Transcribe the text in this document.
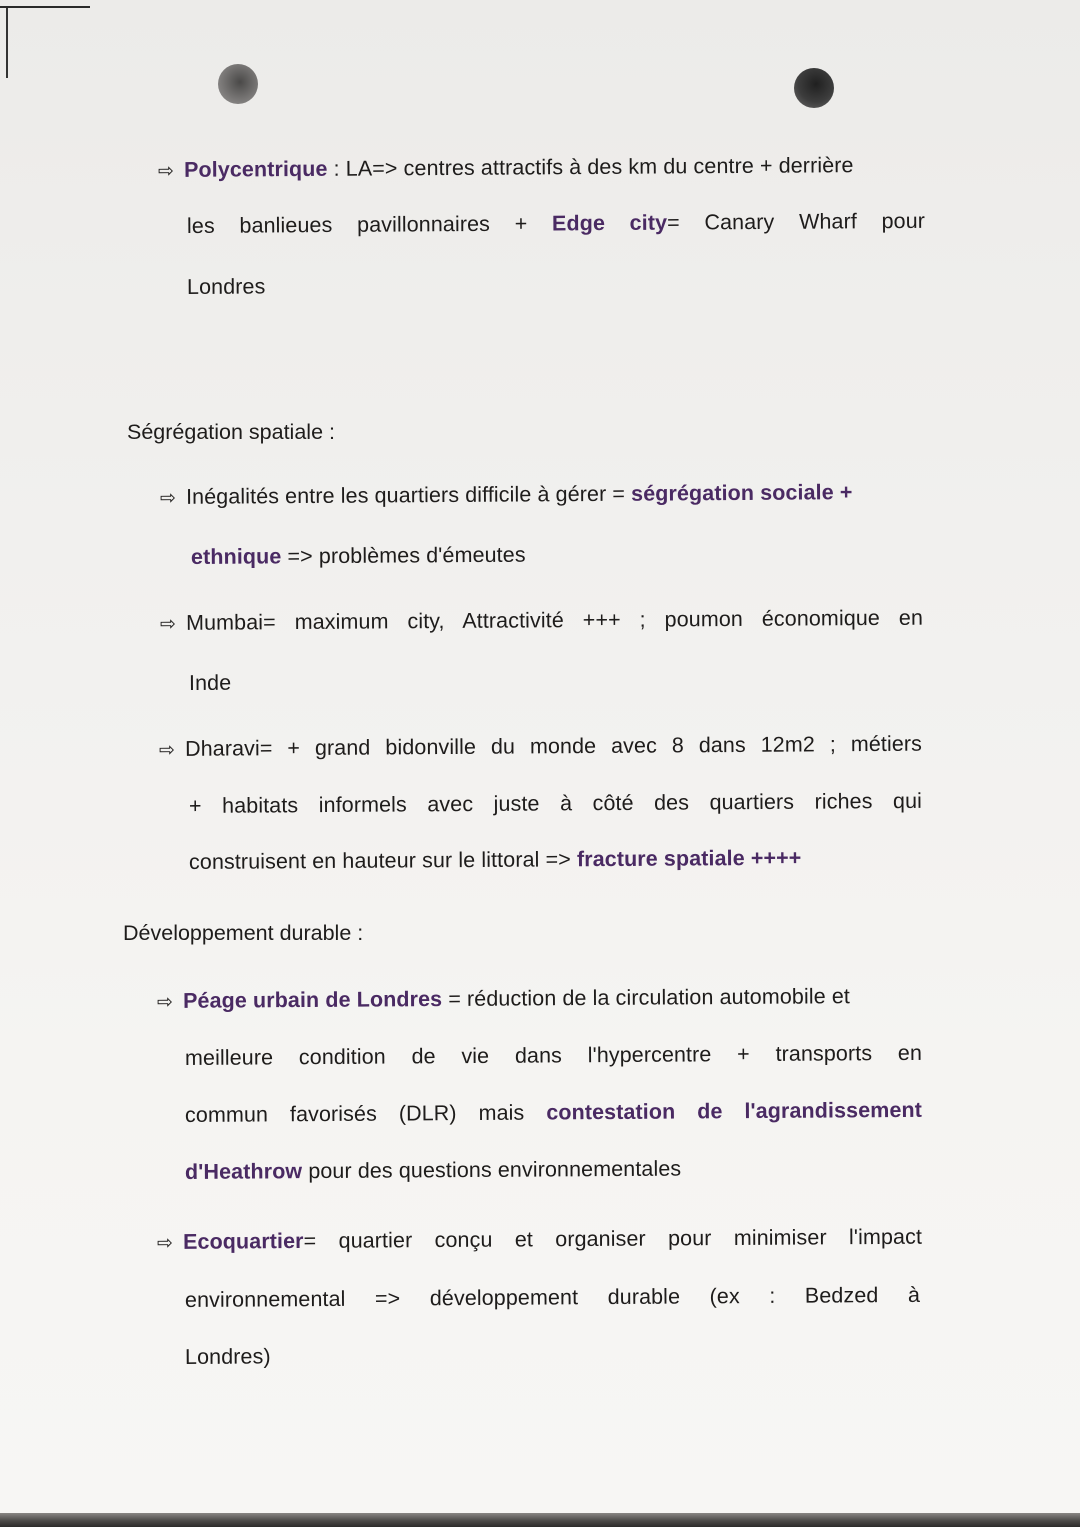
⇨ Polycentrique : LA=> centres attractifs à des km du centre + derrière
les banlieues pavillonnaires + Edge city= Canary Wharf pour
Londres
Ségrégation spatiale :
⇨ Inégalités entre les quartiers difficile à gérer = ségrégation sociale +
ethnique => problèmes d'émeutes
⇨ Mumbai= maximum city, Attractivité +++ ; poumon économique en
Inde
⇨ Dharavi= + grand bidonville du monde avec 8 dans 12m2 ; métiers
+ habitats informels avec juste à côté des quartiers riches qui
construisent en hauteur sur le littoral => fracture spatiale ++++
Développement durable :
⇨ Péage urbain de Londres = réduction de la circulation automobile et
meilleure condition de vie dans l'hypercentre + transports en
commun favorisés (DLR) mais contestation de l'agrandissement
d'Heathrow pour des questions environnementales
⇨ Ecoquartier= quartier conçu et organiser pour minimiser l'impact
environnemental => développement durable (ex : Bedzed à
Londres)
